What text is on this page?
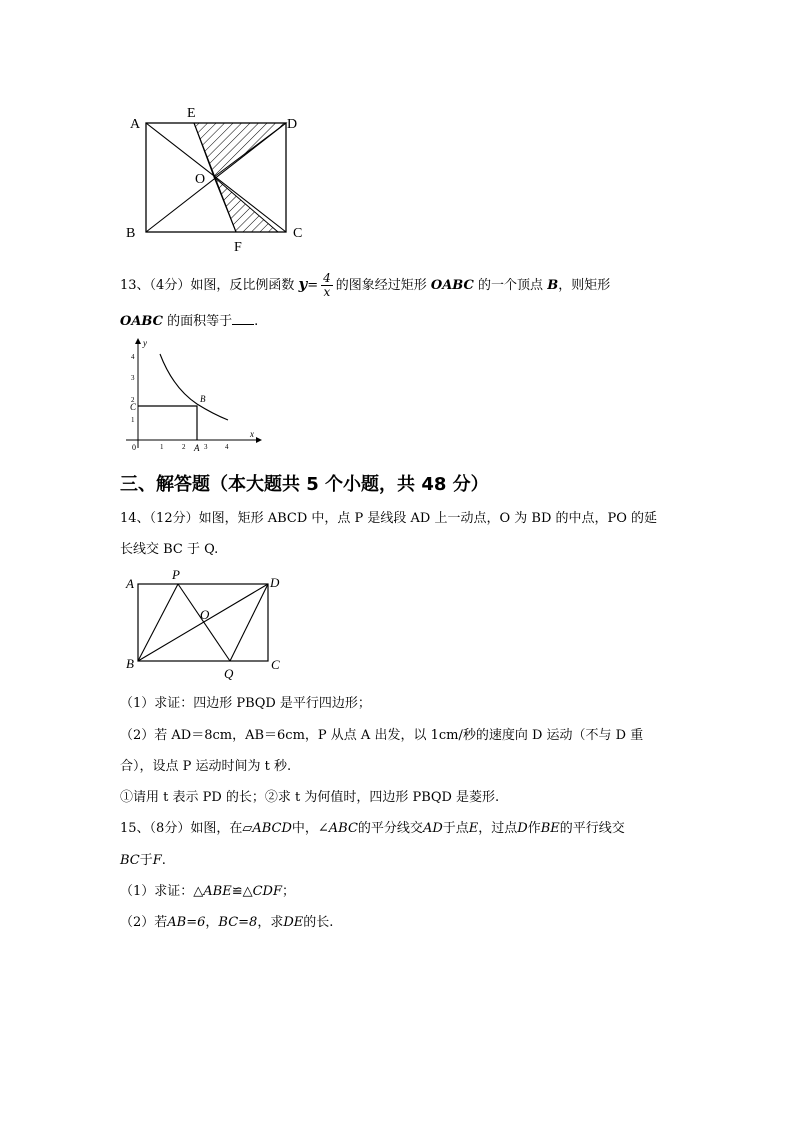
A
E
D
O
B
F
C
13、（4分）如图，反比例函数 $y= \frac{4}{x}$ 的图象经过矩形 OABC 的一个顶点 B，则矩形
OABC 的面积等于 .
y
x
0
4
3
2
1
1	2	3	4
C
A
B
三、解答题（本大题共 5 个小题，共 48 分）
14、（12分）如图，矩形 ABCD 中，点 P 是线段 AD 上一动点，O 为 BD 的中点，PO 的延
长线交 BC 于 Q.
A
P
D
O
B
Q
C
（1）求证：四边形 PBQD 是平行四边形；
（2）若 AD＝8cm，AB＝6cm，P 从点 A 出发，以 1cm/秒的速度向 D 运动（不与 D 重
合），设点 P 运动时间为 t 秒.
①请用 t 表示 PD 的长；②求 t 为何值时，四边形 PBQD 是菱形.
15、（8分）如图，在▱ABCD中，∠ABC的平分线交AD于点E，过点D作BE的平行线交
BC于F.
（1）求证：△ABE≌△CDF；
（2）若AB=6，BC=8，求DE的长.
